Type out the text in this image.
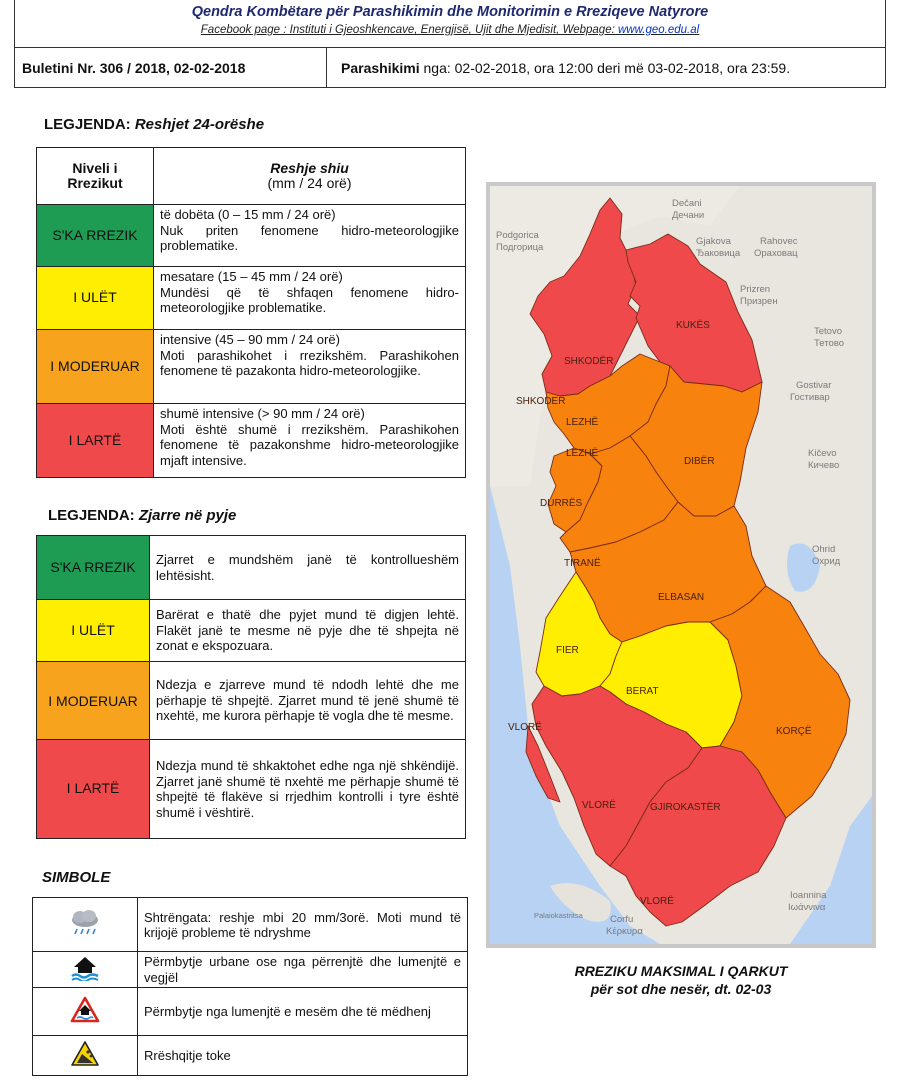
Qendra Kombëtare për Parashikimin dhe Monitorimin e Rreziqeve Natyrore
Facebook page : Instituti i Gjeoshkencave, Energjisë, Ujit dhe Mjedisit, Webpage: www.geo.edu.al
Buletini Nr. 306 / 2018, 02-02-2018	Parashikimi nga: 02-02-2018, ora 12:00 deri më 03-02-2018, ora 23:59.
LEGJENDA: Reshjet 24-orëshe
Niveli i Rrezikut	Reshje shiu
(mm / 24 orë)
S'KA RREZIK	të dobëta (0 – 15 mm / 24 orë)
Nuk priten fenomene hidro-meteorologjike problematike.

I ULËT	mesatare (15 – 45 mm / 24 orë)
Mundësi që të shfaqen fenomene hidro-meteorologjike problematike.

I MODERUAR	intensive (45 – 90 mm / 24 orë)
Moti parashikohet i rrezikshëm. Parashikohen fenomene të pazakonta hidro-meteorologjike.

I LARTË	shumë intensive (> 90 mm / 24 orë)
Moti është shumë i rrezikshëm. Parashikohen fenomene të pazakonshme hidro-meteorologjike mjaft intensive.
LEGJENDA: Zjarre në pyje
S'KA RREZIK	Zjarret e mundshëm janë të kontrollueshëm lehtësisht.
I ULËT	Barërat e thatë dhe pyjet mund të digjen lehtë. Flakët janë te mesme në pyje dhe të shpejta në zonat e ekspozuara.
I MODERUAR	Ndezja e zjarreve mund të ndodh lehtë dhe me përhapje të shpejtë. Zjarret mund të jenë shumë të nxehtë, me kurora përhapje të vogla dhe të mesme.
I LARTË	Ndezja mund të shkaktohet edhe nga një shkëndijë. Zjarret janë shumë të nxehtë me përhapje shumë të shpejtë të flakëve si rrjedhim kontrolli i tyre është shumë i vështirë.
SIMBOLE
	Shtrëngata: reshje mbi 20 mm/3orë. Moti mund të krijojë probleme të ndryshme
	Përmbytje urbane ose nga përrenjtë dhe lumenjtë e vegjël
	Përmbytje nga lumenjtë e mesëm dhe të mëdhenj
	Rrëshqitje toke
KUKËS
SHKODËR
LEZHË
DIBËR
DURRËS
TIRANË
ELBASAN
FIER
BERAT
KORÇË
VLORË	GJIROKASTËR
SHKODER
LEZHË
VLORË
VLORË
Podgorica
Подгорица
Dečani
Дечани
Gjakova
Ђаковица
Rahovec
Ораховац
Prizren
Призрен
Tetovo
Тетово
Gostivar
Гостивар
Kičevo
Кичево
Ohrid
Охрид
Ioannina
Ιωάννινα
Corfu
Κέρκυρα
Palaiokastritsa
RREZIKU MAKSIMAL I QARKUT
për sot dhe nesër, dt. 02-03
